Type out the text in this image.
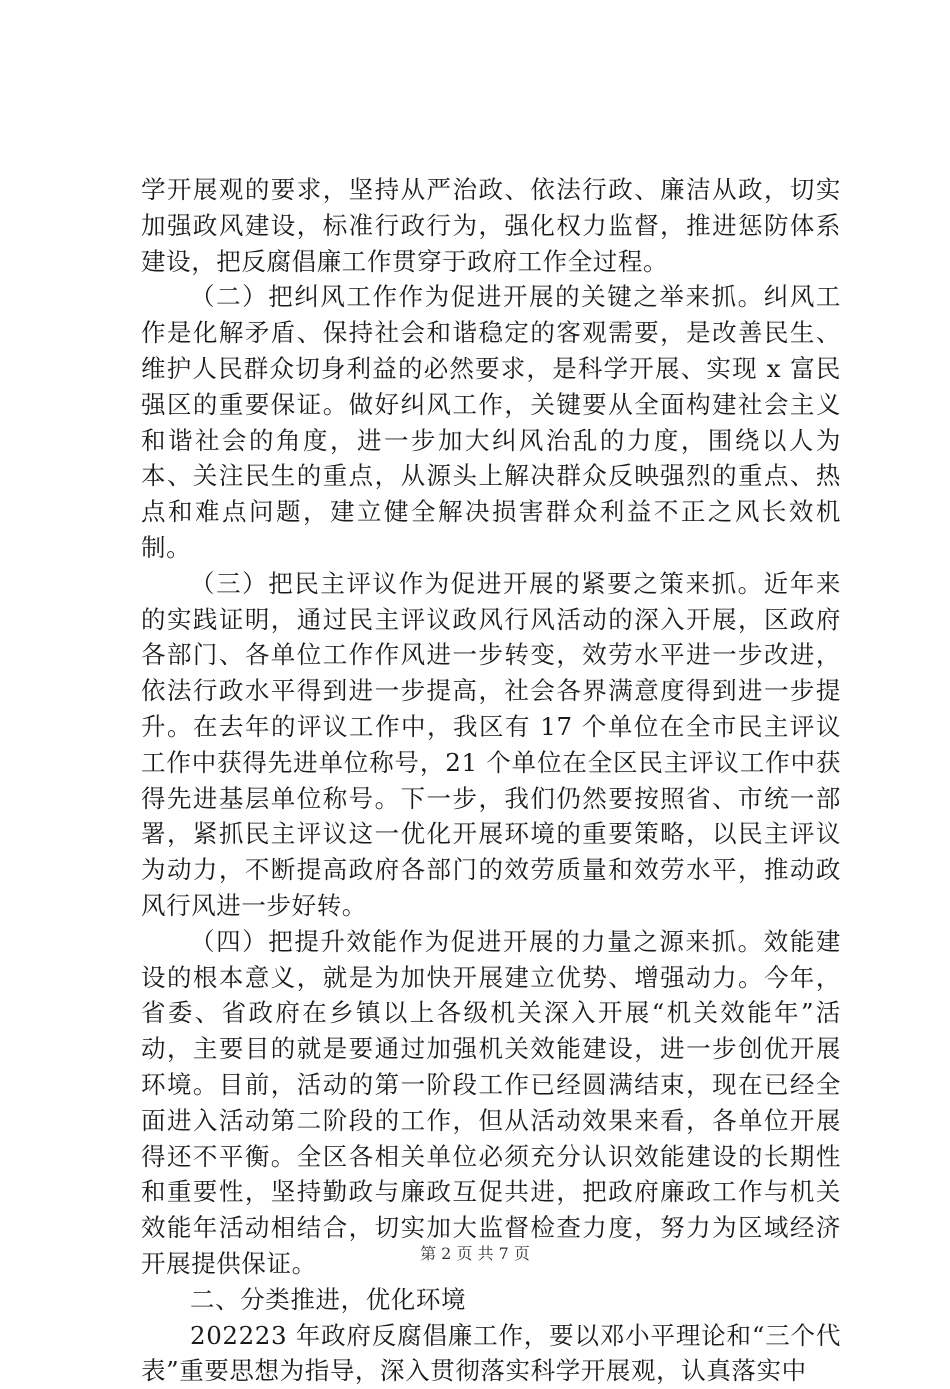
学开展观的要求，坚持从严治政、依法行政、廉洁从政，切实加强政风建设，标准行政行为，强化权力监督，推进惩防体系建设，把反腐倡廉工作贯穿于政府工作全过程。

（二）把纠风工作作为促进开展的关键之举来抓。纠风工作是化解矛盾、保持社会和谐稳定的客观需要，是改善民生、维护人民群众切身利益的必然要求，是科学开展、实现 x 富民强区的重要保证。做好纠风工作，关键要从全面构建社会主义和谐社会的角度，进一步加大纠风治乱的力度，围绕以人为本、关注民生的重点，从源头上解决群众反映强烈的重点、热点和难点问题，建立健全解决损害群众利益不正之风长效机制。

（三）把民主评议作为促进开展的紧要之策来抓。近年来的实践证明，通过民主评议政风行风活动的深入开展，区政府各部门、各单位工作作风进一步转变，效劳水平进一步改进，依法行政水平得到进一步提高，社会各界满意度得到进一步提升。在去年的评议工作中，我区有 17 个单位在全市民主评议工作中获得先进单位称号，21 个单位在全区民主评议工作中获得先进基层单位称号。下一步，我们仍然要按照省、市统一部署，紧抓民主评议这一优化开展环境的重要策略，以民主评议为动力，不断提高政府各部门的效劳质量和效劳水平，推动政风行风进一步好转。

（四）把提升效能作为促进开展的力量之源来抓。效能建设的根本意义，就是为加快开展建立优势、增强动力。今年，省委、省政府在乡镇以上各级机关深入开展“机关效能年”活动，主要目的就是要通过加强机关效能建设，进一步创优开展环境。目前，活动的第一阶段工作已经圆满结束，现在已经全面进入活动第二阶段的工作，但从活动效果来看，各单位开展得还不平衡。全区各相关单位必须充分认识效能建设的长期性和重要性，坚持勤政与廉政互促共进，把政府廉政工作与机关效能年活动相结合，切实加大监督检查力度，努力为区域经济开展提供保证。

二、分类推进，优化环境

202223 年政府反腐倡廉工作，要以邓小平理论和“三个代表”重要思想为指导，深入贯彻落实科学开展观，认真落实中

第 2 页 共 7 页
